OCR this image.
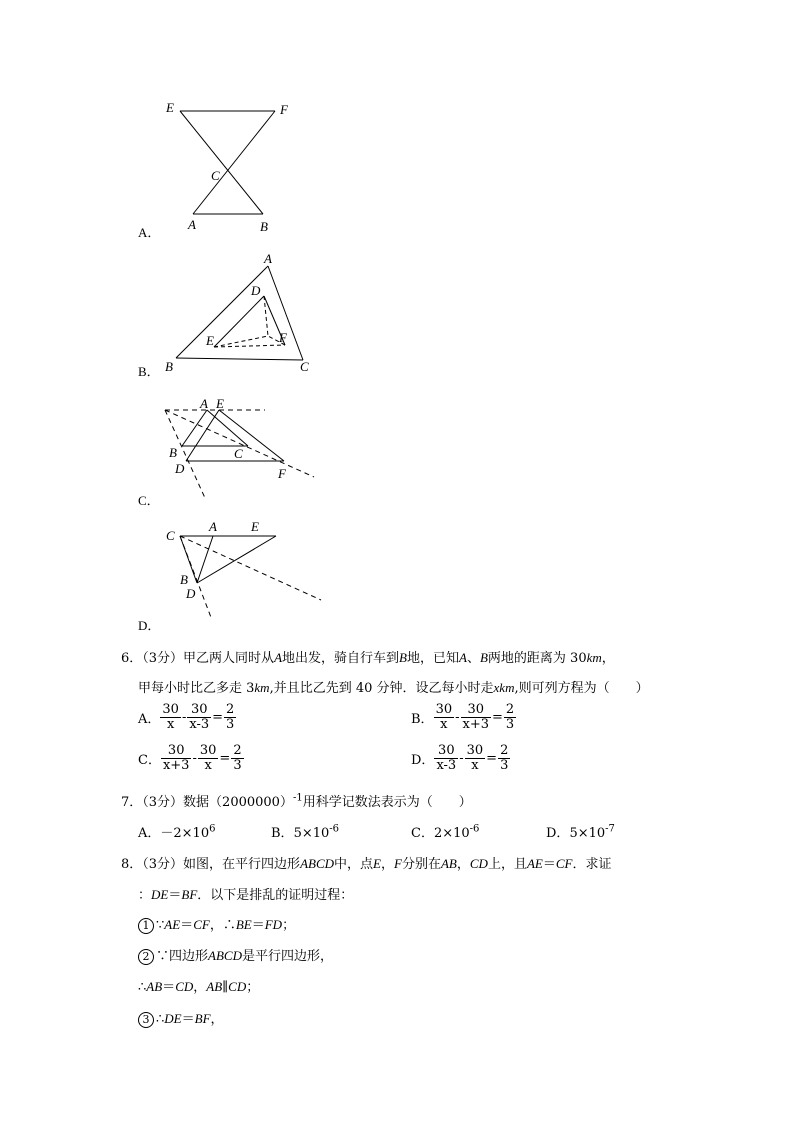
E	F
C
A	B
A．
A
D
E	F
B	C
B．
A E
B	C
D	F
C．
C
A	E
B
D
D．
6．（3分）甲乙两人同时从A地出发，骑自行车到B地，已知A、B两地的距离为 30km，
甲每小时比乙多走 3km,并且比乙先到 40 分钟．设乙每小时走xkm,则可列方程为（　　）
A． $\frac{30}{x} - \frac{30}{x-3} = \frac{2}{3}$	B． $\frac{30}{x} - \frac{30}{x+3} = \frac{2}{3}$
C． $\frac{30}{x+3} - \frac{30}{x} = \frac{2}{3}$	D． $\frac{30}{x-3} - \frac{30}{x} = \frac{2}{3}$
7．（3分）数据$(2000000)^{-1}$用科学记数法表示为（　　）
A．$-2\times 10^6$	B．$5\times 10^{-6}$	C．$2\times 10^{-6}$	D．$5\times 10^{-7}$
8．（3分）如图，在平行四边形ABCD中，点E，F分别在AB，CD上，且AE＝CF．求证
：DE＝BF．以下是排乱的证明过程：
1 ∵AE＝CF，∴BE＝FD；
2 ∵四边形ABCD是平行四边形，
∴AB＝CD，AB∥CD；
3 ∴DE＝BF，
